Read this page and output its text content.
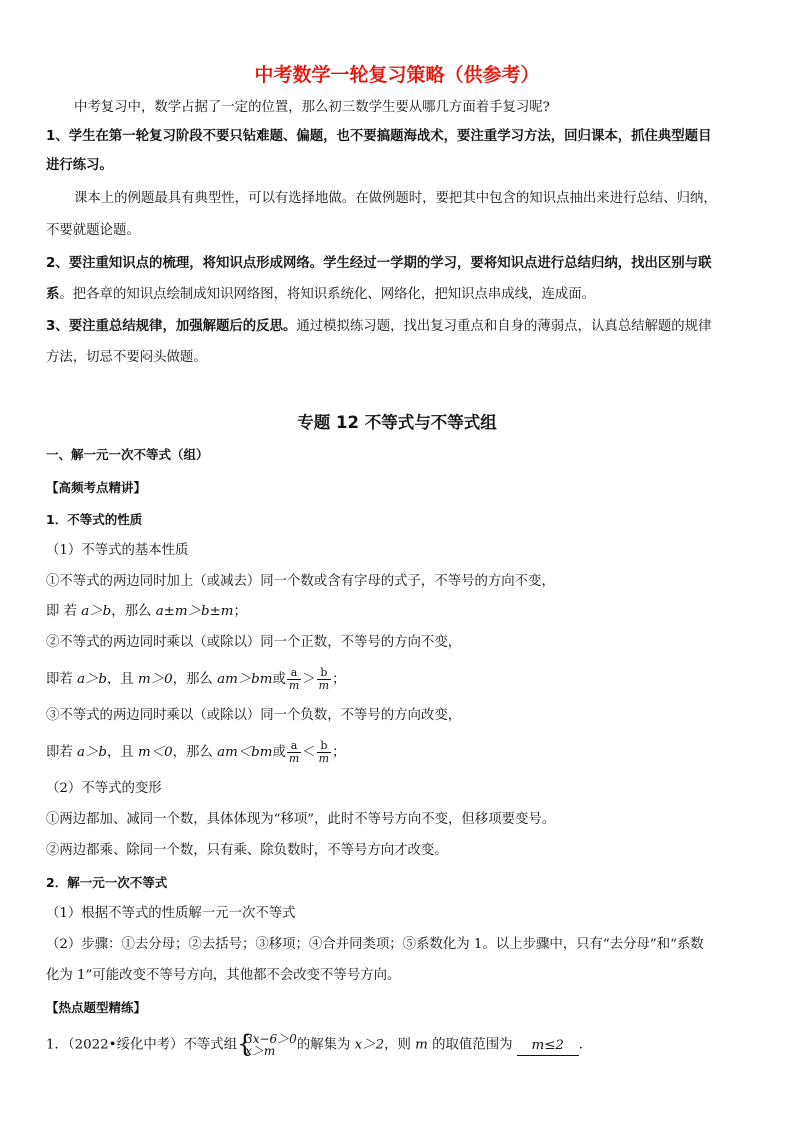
中考数学一轮复习策略（供参考）
中考复习中，数学占据了一定的位置，那么初三数学生要从哪几方面着手复习呢?
1、学生在第一轮复习阶段不要只钻难题、偏题，也不要搞题海战术，要注重学习方法，回归课本，抓住典型题目
进行练习。
课本上的例题最具有典型性，可以有选择地做。在做例题时，要把其中包含的知识点抽出来进行总结、归纳，
不要就题论题。
2、要注重知识点的梳理，将知识点形成网络。学生经过一学期的学习，要将知识点进行总结归纳，找出区别与联
系。把各章的知识点绘制成知识网络图，将知识系统化、网络化，把知识点串成线，连成面。
3、要注重总结规律，加强解题后的反思。通过模拟练习题，找出复习重点和自身的薄弱点，认真总结解题的规律
方法，切忌不要闷头做题。
专题 12 不等式与不等式组
一、解一元一次不等式（组）
【高频考点精讲】
1．不等式的性质
（1）不等式的基本性质
①不等式的两边同时加上（或减去）同一个数或含有字母的式子，不等号的方向不变，
即 若 a＞b，那么 a±m＞b±m；
②不等式的两边同时乘以（或除以）同一个正数，不等号的方向不变，
即若 a＞b，且 m＞0，那么 am＞bm或 $\frac{a}{m} > \frac{b}{m}$ ；
③不等式的两边同时乘以（或除以）同一个负数，不等号的方向改变，
即若 a＞b，且 m＜0，那么 am＜bm或 $\frac{a}{m} < \frac{b}{m}$ ；
（2）不等式的变形
①两边都加、减同一个数，具体体现为“移项”，此时不等号方向不变，但移项要变号。
②两边都乘、除同一个数，只有乘、除负数时，不等号方向才改变。
2．解一元一次不等式
（1）根据不等式的性质解一元一次不等式
（2）步骤：①去分母；②去括号；③移项；④合并同类项；⑤系数化为 1。以上步骤中，只有“去分母”和“系数
化为 1”可能改变不等号方向，其他都不会改变不等号方向。
【热点题型精练】
1．（2022•绥化中考）不等式组 {
3x−6＞0
x＞m	的解集为 x＞2，则 m 的取值范围为 m≤2 ．
